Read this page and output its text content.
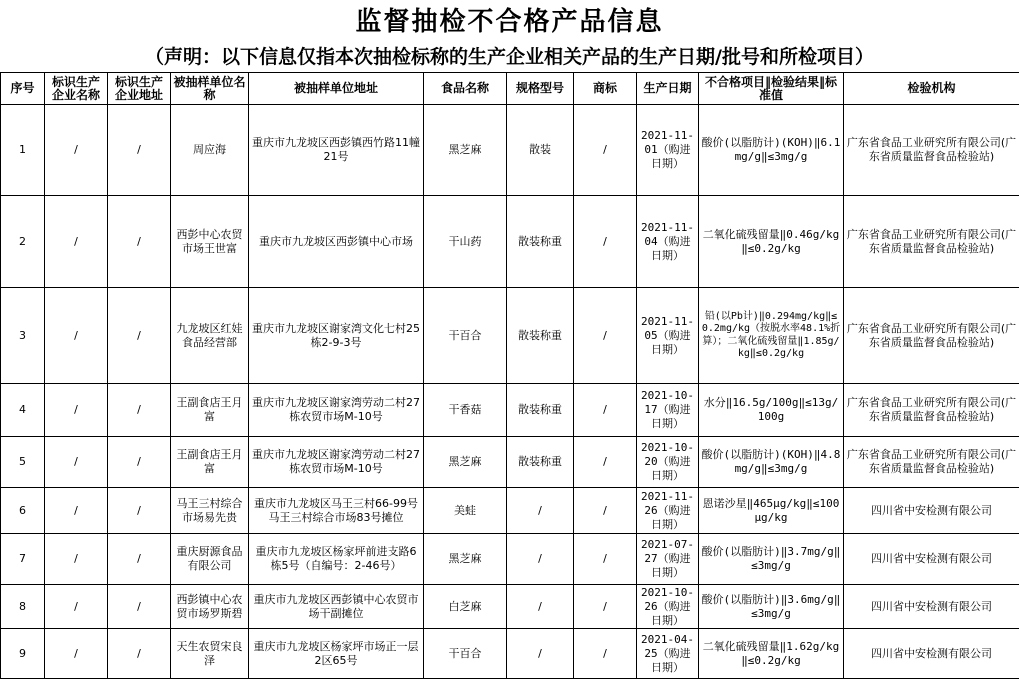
监督抽检不合格产品信息
（声明：以下信息仅指本次抽检标称的生产企业相关产品的生产日期/批号和所检项目）
序号	标识生产企业名称	标识生产企业地址	被抽样单位名称	被抽样单位地址	食品名称	规格型号	商标	生产日期	不合格项目‖检验结果‖标准值	检验机构
1	/	/	周应海	重庆市九龙坡区西彭镇西竹路11幢21号	黑芝麻	散装	/	2021-11-01（购进日期）	酸价(以脂肪计)(KOH)‖6.1mg/g‖≤3mg/g	广东省食品工业研究所有限公司(广东省质量监督食品检验站)
2	/	/	西彭中心农贸市场王世富	重庆市九龙坡区西彭镇中心市场	干山药	散装称重	/	2021-11-04（购进日期）	二氧化硫残留量‖0.46g/kg‖≤0.2g/kg	广东省食品工业研究所有限公司(广东省质量监督食品检验站)
3	/	/	九龙坡区红娃食品经营部	重庆市九龙坡区谢家湾文化七村25栋2-9-3号	干百合	散装称重	/	2021-11-05（购进日期）	铅(以Pb计)‖0.294mg/kg‖≤0.2mg/kg（按脱水率48.1%折算）；二氧化硫残留量‖1.85g/kg‖≤0.2g/kg	广东省食品工业研究所有限公司(广东省质量监督食品检验站)
4	/	/	王副食店王月富	重庆市九龙坡区谢家湾劳动二村27栋农贸市场M-10号	干香菇	散装称重	/	2021-10-17（购进日期）	水分‖16.5g/100g‖≤13g/100g	广东省食品工业研究所有限公司(广东省质量监督食品检验站)
5	/	/	王副食店王月富	重庆市九龙坡区谢家湾劳动二村27栋农贸市场M-10号	黑芝麻	散装称重	/	2021-10-20（购进日期）	酸价(以脂肪计)(KOH)‖4.8mg/g‖≤3mg/g	广东省食品工业研究所有限公司(广东省质量监督食品检验站)
6	/	/	马王三村综合市场易先贵	重庆市九龙坡区马王三村66-99号马王三村综合市场83号摊位	美蛙	/	/	2021-11-26（购进日期）	恩诺沙星‖465μg/kg‖≤100μg/kg	四川省中安检测有限公司
7	/	/	重庆厨源食品有限公司	重庆市九龙坡区杨家坪前进支路6栋5号（自编号：2-46号）	黑芝麻	/	/	2021-07-27（购进日期）	酸价(以脂肪计)‖3.7mg/g‖≤3mg/g	四川省中安检测有限公司
8	/	/	西彭镇中心农贸市场罗斯碧	重庆市九龙坡区西彭镇中心农贸市场干副摊位	白芝麻	/	/	2021-10-26（购进日期）	酸价(以脂肪计)‖3.6mg/g‖≤3mg/g	四川省中安检测有限公司
9	/	/	天生农贸宋良泽	重庆市九龙坡区杨家坪市场正一层2区65号	干百合	/	/	2021-04-25（购进日期）	二氧化硫残留量‖1.62g/kg‖≤0.2g/kg	四川省中安检测有限公司
